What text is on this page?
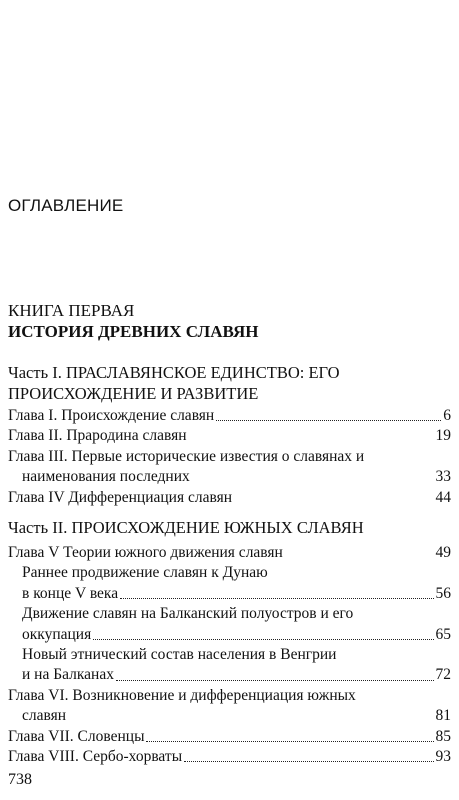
ОГЛАВЛЕНИЕ
КНИГА ПЕРВАЯ
ИСТОРИЯ ДРЕВНИХ СЛАВЯН
Часть I. ПРАСЛАВЯНСКОЕ ЕДИНСТВО: ЕГО
ПРОИСХОЖДЕНИЕ И РАЗВИТИЕ
Глава I. Происхождение славян	6
Глава II. Прародина славян	19
Глава III. Первые исторические известия о славянах и
наименования последних	33
Глава IV Дифференциация славян	44
Часть II. ПРОИСХОЖДЕНИЕ ЮЖНЫХ СЛАВЯН
Глава V Теории южного движения славян	49
Раннее продвижение славян к Дунаю
в конце V века	56
Движение славян на Балканский полуостров и его
оккупация	65
Новый этнический состав населения в Венгрии
и на Балканах	72
Глава VI. Возникновение и дифференциация южных
славян	81
Глава VII. Словенцы	85
Глава VIII. Сербо-хорваты	93
738
